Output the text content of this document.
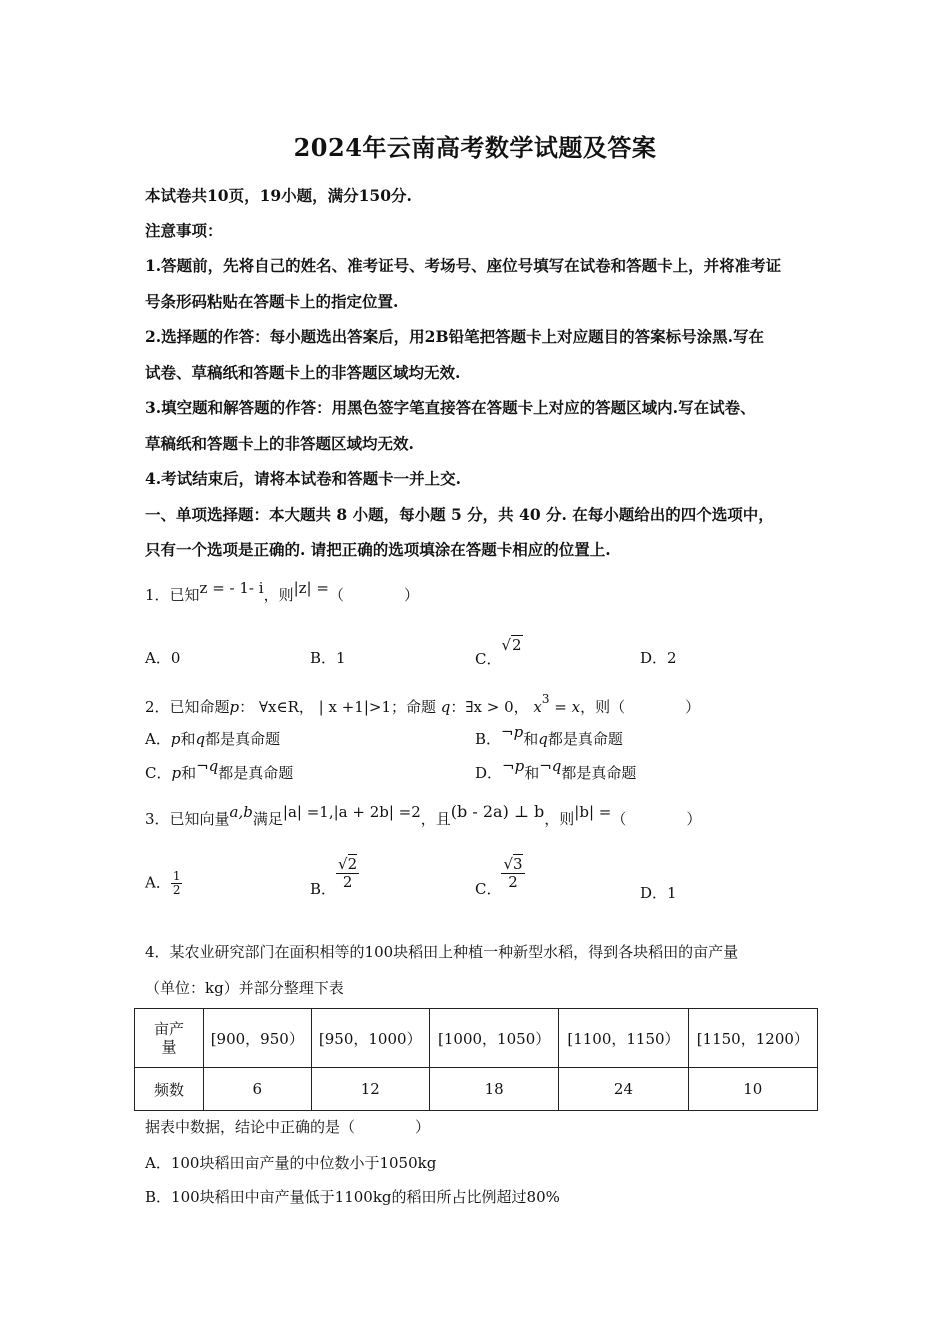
2024年云南高考数学试题及答案
本试卷共10页，19小题，满分150分.
注意事项：
1.答题前，先将自己的姓名、准考证号、考场号、座位号填写在试卷和答题卡上，并将准考证
号条形码粘贴在答题卡上的指定位置.
2.选择题的作答：每小题选出答案后，用2B铅笔把答题卡上对应题目的答案标号涂黑.写在
试卷、草稿纸和答题卡上的非答题区域均无效.
3.填空题和解答题的作答：用黑色签字笔直接答在答题卡上对应的答题区域内.写在试卷、
草稿纸和答题卡上的非答题区域均无效.
4.考试结束后，请将本试卷和答题卡一并上交.
一、单项选择题：本大题共 8 小题，每小题 5 分，共 40 分. 在每小题给出的四个选项中，
只有一个选项是正确的. 请把正确的选项填涂在答题卡相应的位置上.
1．已知z = - 1- i，则|z| =（　　　　）
A．0	B．1	C．√2
D．2
2．已知命题p： ∀x∈R， | x +1|>1；命题 q：∃x > 0， $x^3 = x$，则（　　　　）
A．p和q都是真命题	B．¬p和q都是真命题
C．p和¬q都是真命题	D．¬p和¬q都是真命题
3．已知向量a,b满足|a| =1,|a + 2b| =2，且(b - 2a) ⊥ b，则|b| =（　　　　）
A． $\frac{1}{2}$	B． $\frac{√2}{2}$	C． $\frac{√3}{2}$
D．1
4．某农业研究部门在面积相等的100块稻田上种植一种新型水稻，得到各块稻田的亩产量
（单位：kg）并部分整理下表
亩产量	[900，950）	[950，1000）	[1000，1050）	[1100，1150）	[1150，1200）
频数	6	12	18	24	10
据表中数据，结论中正确的是（　　　　）
A．100块稻田亩产量的中位数小于1050kg
B．100块稻田中亩产量低于1100kg的稻田所占比例超过80%
